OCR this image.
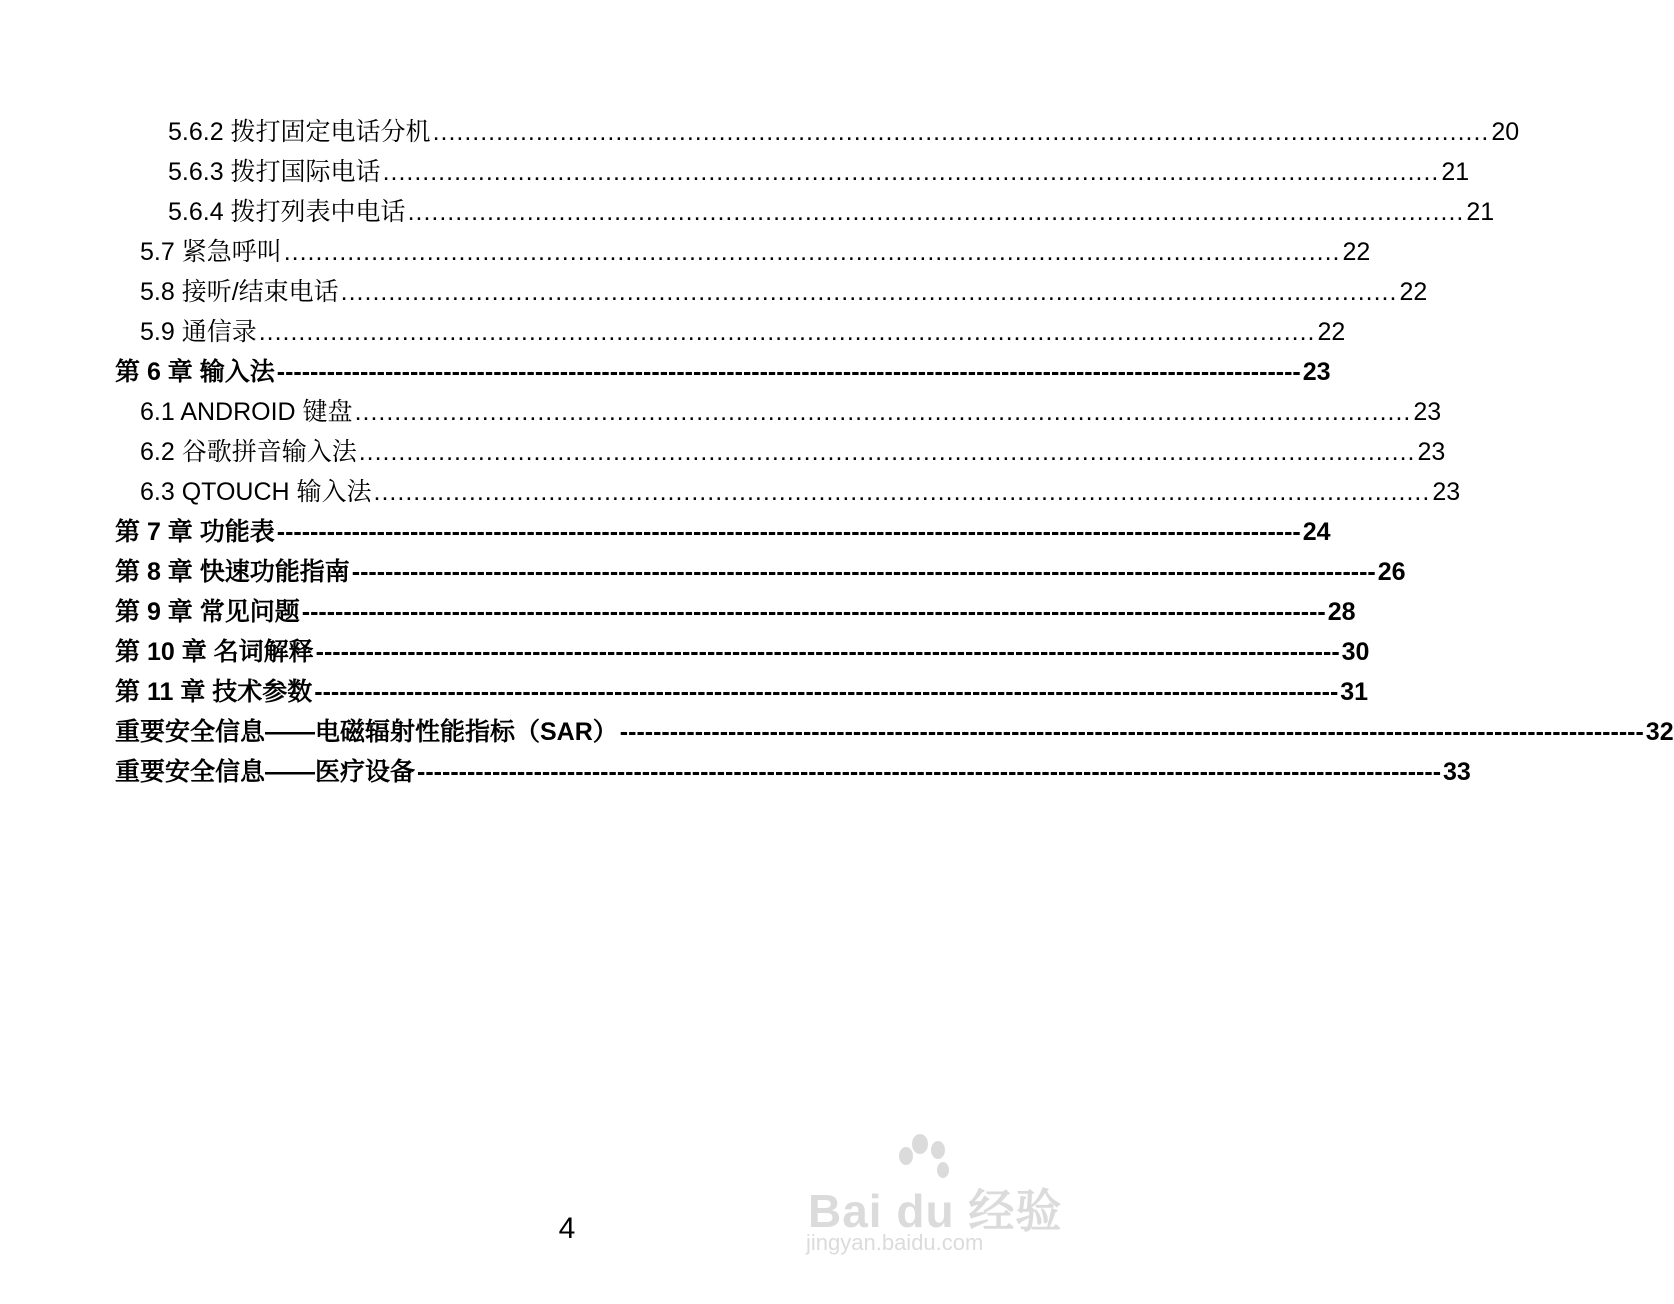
5.6.2 拨打固定电话分机 ..................................................................................................................................... 20
5.6.3 拨打国际电话 ..................................................................................................................................... 21
5.6.4 拨打列表中电话 ..................................................................................................................................... 21
5.7 紧急呼叫 ..................................................................................................................................... 22
5.8 接听/结束电话 ..................................................................................................................................... 22
5.9 通信录 ..................................................................................................................................... 22
第 6 章 输入法 --------------------------------------------------------------------------------------------------------------------------- 23
6.1 ANDROID 键盘 ..................................................................................................................................... 23
6.2 谷歌拼音输入法 ..................................................................................................................................... 23
6.3 QTOUCH 输入法 ..................................................................................................................................... 23
第 7 章 功能表 --------------------------------------------------------------------------------------------------------------------------- 24
第 8 章 快速功能指南 --------------------------------------------------------------------------------------------------------------------------- 26
第 9 章 常见问题 --------------------------------------------------------------------------------------------------------------------------- 28
第 10 章 名词解释 --------------------------------------------------------------------------------------------------------------------------- 30
第 11 章 技术参数 --------------------------------------------------------------------------------------------------------------------------- 31
重要安全信息——电磁辐射性能指标（SAR） --------------------------------------------------------------------------------------------------------------------------- 32
重要安全信息——医疗设备 --------------------------------------------------------------------------------------------------------------------------- 33
4	Bai du 经验
jingyan.baidu.com
